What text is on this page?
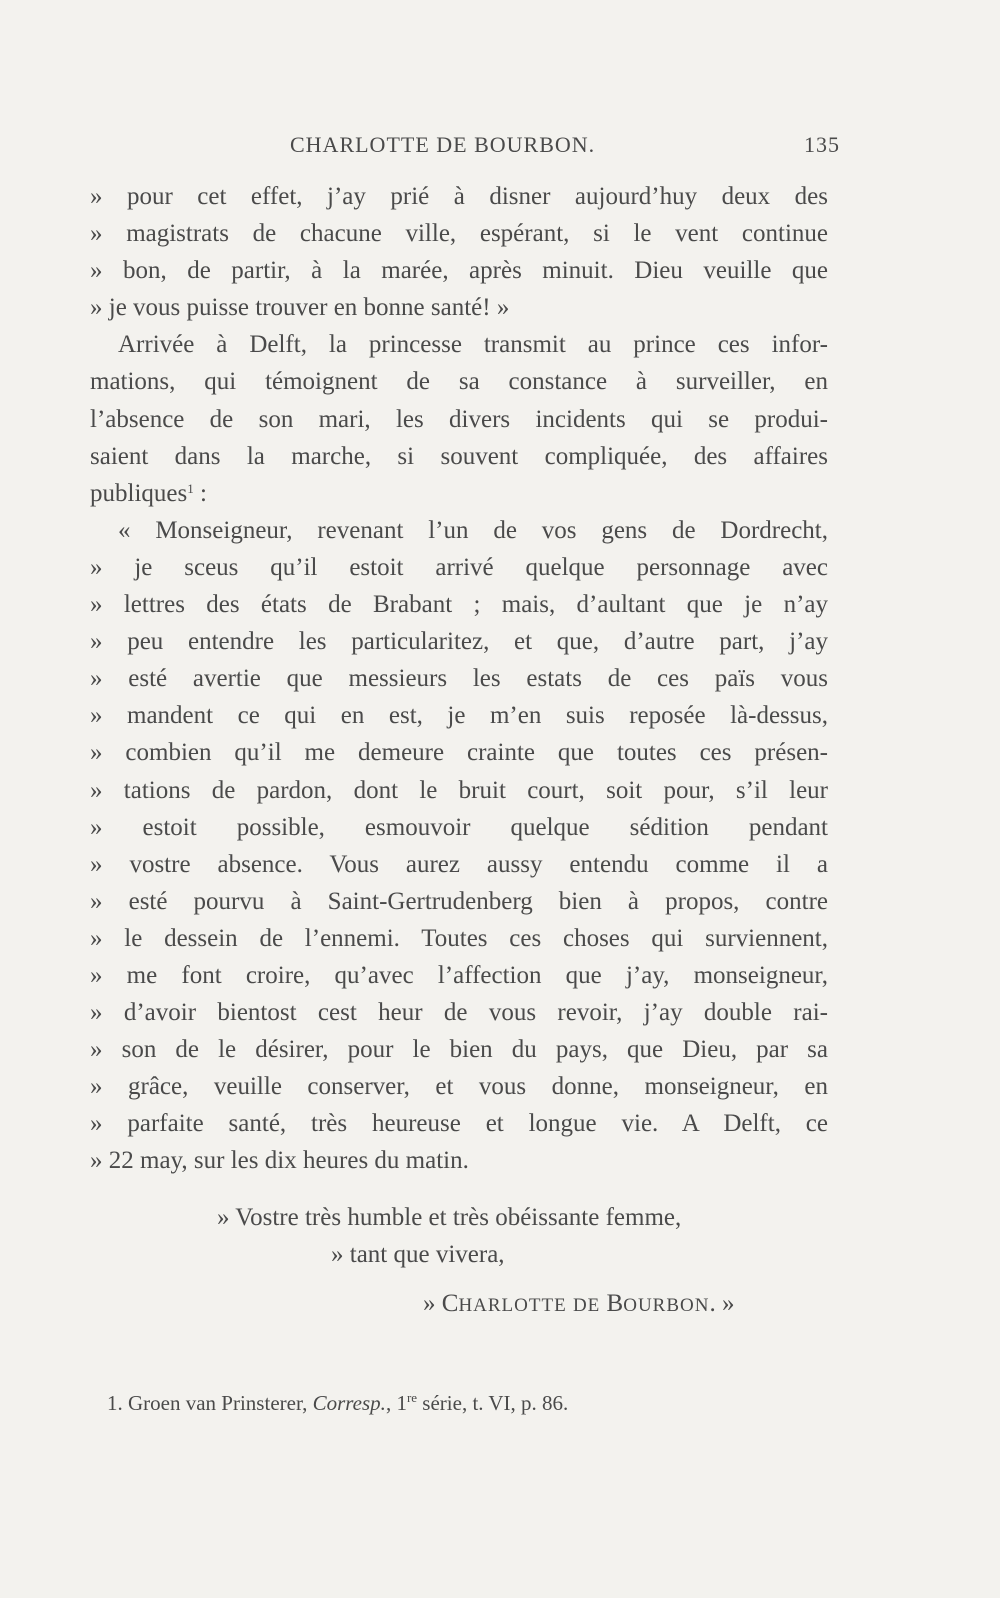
CHARLOTTE DE BOURBON.	135
» pour cet effet, j’ay prié à disner aujourd’huy deux des
» magistrats de chacune ville, espérant, si le vent continue
» bon, de partir, à la marée, après minuit. Dieu veuille que
» je vous puisse trouver en bonne santé! »
Arrivée à Delft, la princesse transmit au prince ces infor-
mations, qui témoignent de sa constance à surveiller, en
l’absence de son mari, les divers incidents qui se produi-
saient dans la marche, si souvent compliquée, des affaires
publiques$^1$ :
« Monseigneur, revenant l’un de vos gens de Dordrecht,
» je sceus qu’il estoit arrivé quelque personnage avec
» lettres des états de Brabant ; mais, d’aultant que je n’ay
» peu entendre les particularitez, et que, d’autre part, j’ay
» esté avertie que messieurs les estats de ces païs vous
» mandent ce qui en est, je m’en suis reposée là-dessus,
» combien qu’il me demeure crainte que toutes ces présen-
» tations de pardon, dont le bruit court, soit pour, s’il leur
» estoit possible, esmouvoir quelque sédition pendant
» vostre absence. Vous aurez aussy entendu comme il a
» esté pourvu à Saint-Gertrudenberg bien à propos, contre
» le dessein de l’ennemi. Toutes ces choses qui surviennent,
» me font croire, qu’avec l’affection que j’ay, monseigneur,
» d’avoir bientost cest heur de vous revoir, j’ay double rai-
» son de le désirer, pour le bien du pays, que Dieu, par sa
» grâce, veuille conserver, et vous donne, monseigneur, en
» parfaite santé, très heureuse et longue vie. A Delft, ce
» 22 may, sur les dix heures du matin.
» Vostre très humble et très obéissante femme,
» tant que vivera,
» CHARLOTTE DE BOURBON. »
1. Groen van Prinsterer, Corresp., 1re série, t. VI, p. 86.
